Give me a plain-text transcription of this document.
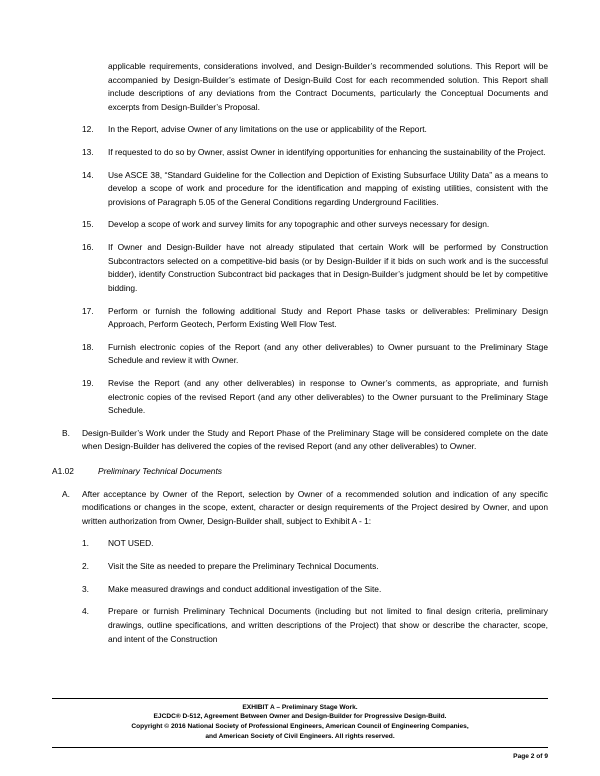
applicable requirements, considerations involved, and Design-Builder’s recommended solutions. This Report will be accompanied by Design-Builder’s estimate of Design-Build Cost for each recommended solution. This Report shall include descriptions of any deviations from the Contract Documents, particularly the Conceptual Documents and excerpts from Design-Builder’s Proposal.

12.	In the Report, advise Owner of any limitations on the use or applicability of the Report.
13.	If requested to do so by Owner, assist Owner in identifying opportunities for enhancing the sustainability of the Project.
14.	Use ASCE 38, “Standard Guideline for the Collection and Depiction of Existing Subsurface Utility Data” as a means to develop a scope of work and procedure for the identification and mapping of existing utilities, consistent with the provisions of Paragraph 5.05 of the General Conditions regarding Underground Facilities.
15.	Develop a scope of work and survey limits for any topographic and other surveys necessary for design.
16.	If Owner and Design-Builder have not already stipulated that certain Work will be performed by Construction Subcontractors selected on a competitive-bid basis (or by Design-Builder if it bids on such work and is the successful bidder), identify Construction Subcontract bid packages that in Design-Builder’s judgment should be let by competitive bidding.
17.	Perform or furnish the following additional Study and Report Phase tasks or deliverables: Preliminary Design Approach, Perform Geotech, Perform Existing Well Flow Test.
18.	Furnish electronic copies of the Report (and any other deliverables) to Owner pursuant to the Preliminary Stage Schedule and review it with Owner.
19.	Revise the Report (and any other deliverables) in response to Owner’s comments, as appropriate, and furnish electronic copies of the revised Report (and any other deliverables) to the Owner pursuant to the Preliminary Stage Schedule.
B. Design-Builder’s Work under the Study and Report Phase of the Preliminary Stage will be considered complete on the date when Design-Builder has delivered the copies of the revised Report (and any other deliverables) to Owner.
A1.02	Preliminary Technical Documents
A. After acceptance by Owner of the Report, selection by Owner of a recommended solution and indication of any specific modifications or changes in the scope, extent, character or design requirements of the Project desired by Owner, and upon written authorization from Owner, Design-Builder shall, subject to Exhibit A - 1:
1.	NOT USED.
2.	Visit the Site as needed to prepare the Preliminary Technical Documents.
3.	Make measured drawings and conduct additional investigation of the Site.
4.	Prepare or furnish Preliminary Technical Documents (including but not limited to final design criteria, preliminary drawings, outline specifications, and written descriptions of the Project) that show or describe the character, scope, and intent of the Construction
EXHIBIT A – Preliminary Stage Work.
EJCDC® D-512, Agreement Between Owner and Design-Builder for Progressive Design-Build.
Copyright © 2016 National Society of Professional Engineers, American Council of Engineering Companies,
and American Society of Civil Engineers. All rights reserved.
Page 2 of 9
